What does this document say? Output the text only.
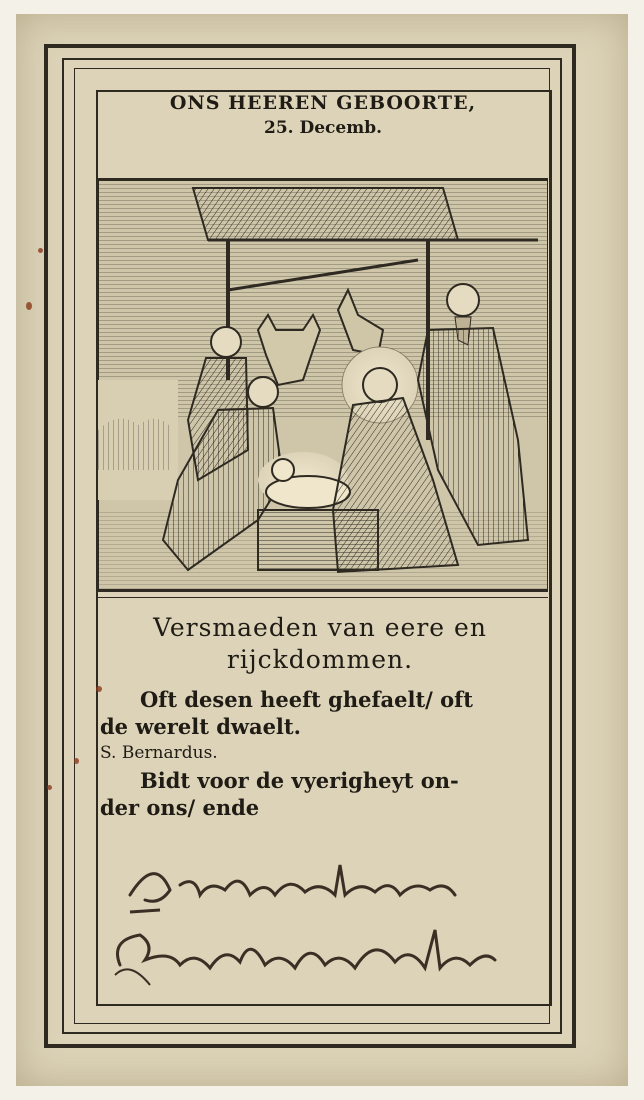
ONS HEEREN GEBOORTE,
25. Decemb.
Versmaeden van eere en
rijckdommen.
Oft desen heeft ghefaelt/ oft
de werelt dwaelt.
S. Bernardus.
Bidt voor de vyerigheyt on-
der ons/ ende
